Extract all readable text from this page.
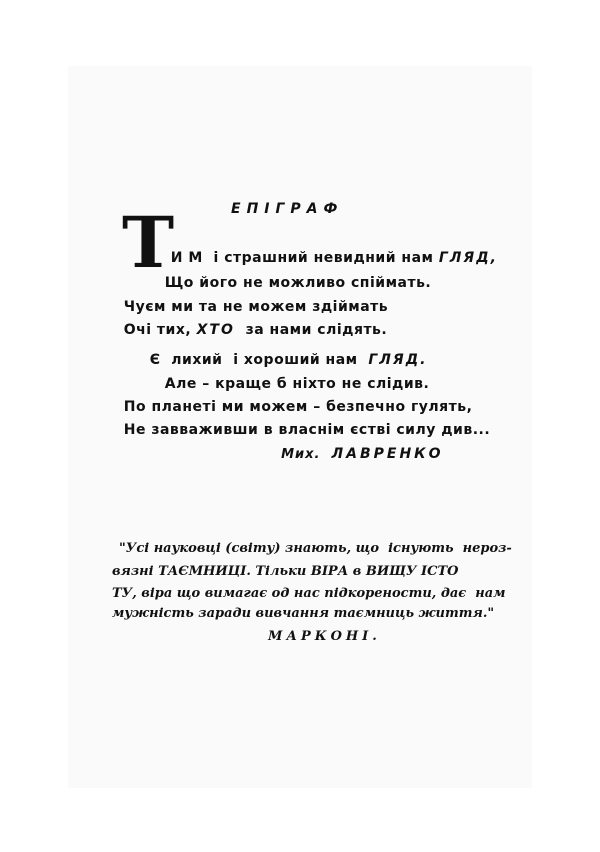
ЕПІГРАФ
Т

И М  і страшний невидний нам ГЛЯД,

Що його не можливо спіймать.

Чуєм ми та не можем здіймать

Очі тих, ХТО  за нами слідять.

Є  лихий  і хороший нам  ГЛЯД.

Але – краще б ніхто не слідив.

По планеті ми можем – безпечно гулять,

Не завваживши в власнім єстві силу див...

Мих. ЛАВРЕНКО

"Усі науковці (світу) знають, що  існують  нероз-
вязні ТАЄМНИЦІ. Тільки ВІРА в ВИЩУ ІСТО
ТУ, віра що вимагає од нас підкорености, дає  нам
мужність заради вивчання таємниць життя."
МАРКОНІ.
